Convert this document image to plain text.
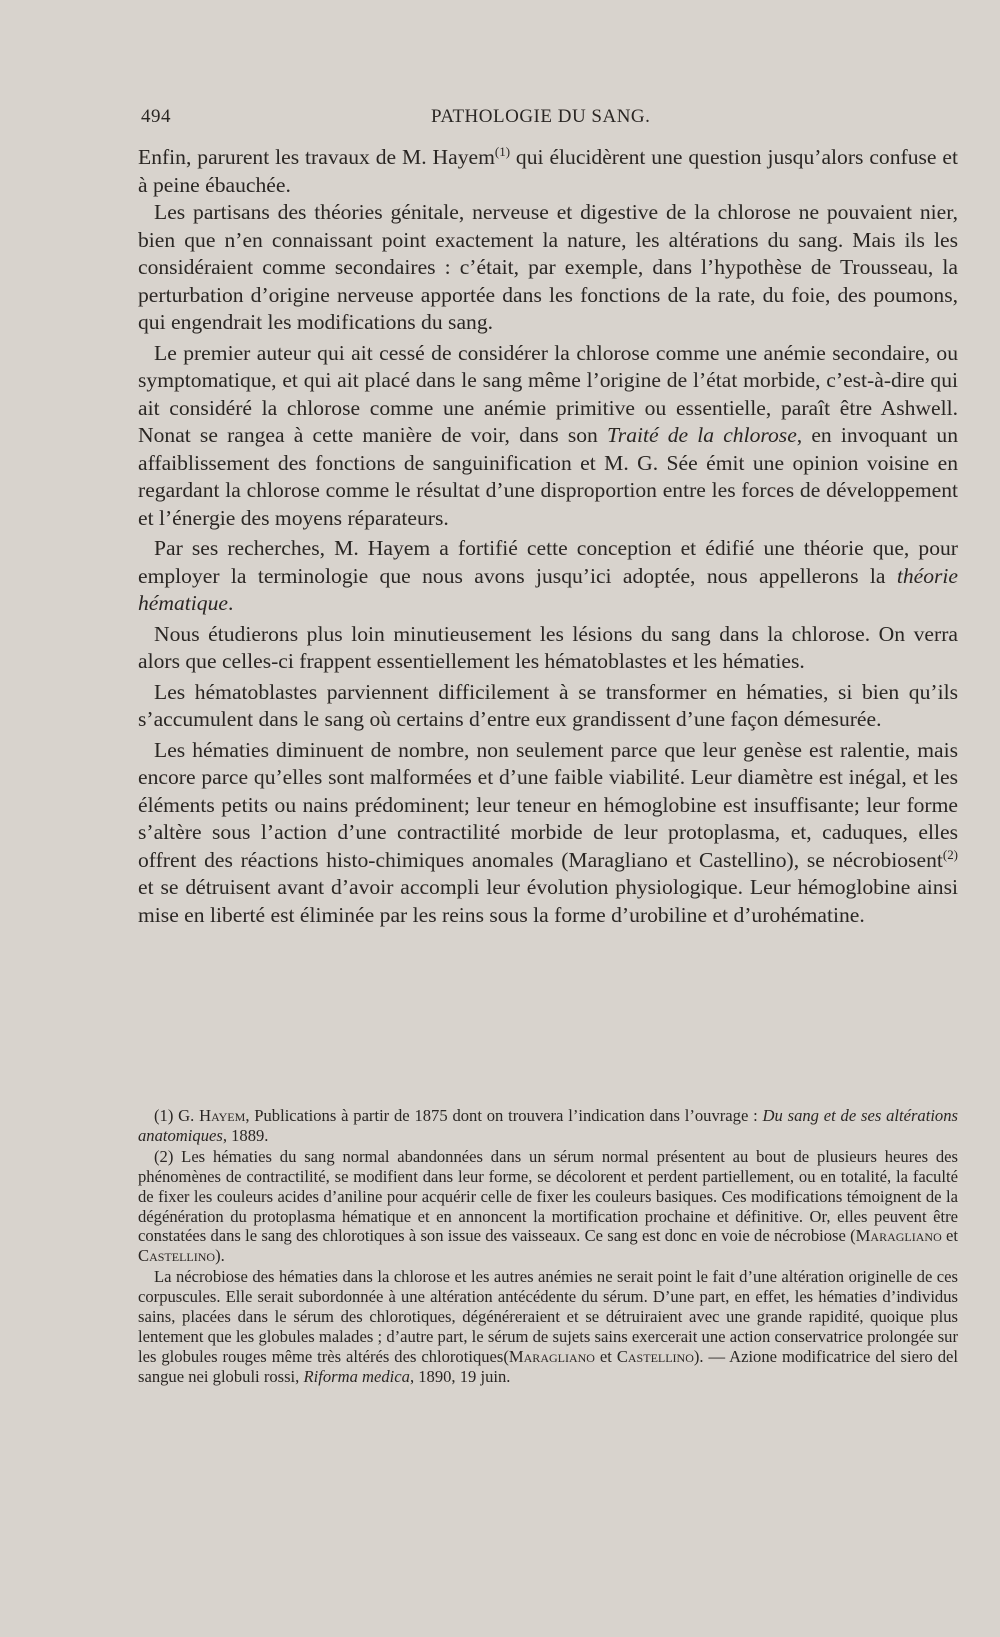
494	PATHOLOGIE DU SANG.

Enfin, parurent les travaux de M. Hayem$^{(1)}$ qui élucidèrent une question jusqu’alors confuse et à peine ébauchée.

Les partisans des théories génitale, nerveuse et digestive de la chlorose ne pouvaient nier, bien que n’en connaissant point exactement la nature, les altérations du sang. Mais ils les considéraient comme secondaires : c’était, par exemple, dans l’hypothèse de Trousseau, la perturbation d’origine nerveuse apportée dans les fonctions de la rate, du foie, des poumons, qui engendrait les modifications du sang.

Le premier auteur qui ait cessé de considérer la chlorose comme une anémie secondaire, ou symptomatique, et qui ait placé dans le sang même l’origine de l’état morbide, c’est-à-dire qui ait considéré la chlorose comme une anémie primitive ou essentielle, paraît être Ashwell. Nonat se rangea à cette manière de voir, dans son Traité de la chlorose, en invoquant un affaiblissement des fonctions de sanguinification et M. G. Sée émit une opinion voisine en regardant la chlorose comme le résultat d’une disproportion entre les forces de développement et l’énergie des moyens réparateurs.

Par ses recherches, M. Hayem a fortifié cette conception et édifié une théorie que, pour employer la terminologie que nous avons jusqu’ici adoptée, nous appellerons la théorie hématique.

Nous étudierons plus loin minutieusement les lésions du sang dans la chlorose. On verra alors que celles-ci frappent essentiellement les hématoblastes et les hématies.

Les hématoblastes parviennent difficilement à se transformer en hématies, si bien qu’ils s’accumulent dans le sang où certains d’entre eux grandissent d’une façon démesurée.

Les hématies diminuent de nombre, non seulement parce que leur genèse est ralentie, mais encore parce qu’elles sont malformées et d’une faible viabilité. Leur diamètre est inégal, et les éléments petits ou nains prédominent; leur teneur en hémoglobine est insuffisante; leur forme s’altère sous l’action d’une contractilité morbide de leur protoplasma, et, caduques, elles offrent des réactions histo-chimiques anomales (Maragliano et Castellino), se nécrobiosent$^{(2)}$ et se détruisent avant d’avoir accompli leur évolution physiologique. Leur hémoglobine ainsi mise en liberté est éliminée par les reins sous la forme d’urobiline et d’urohématine.

(1) G. Hayem, Publications à partir de 1875 dont on trouvera l’indication dans l’ouvrage : Du sang et de ses altérations anatomiques, 1889.

(2) Les hématies du sang normal abandonnées dans un sérum normal présentent au bout de plusieurs heures des phénomènes de contractilité, se modifient dans leur forme, se décolorent et perdent partiellement, ou en totalité, la faculté de fixer les couleurs acides d’aniline pour acquérir celle de fixer les couleurs basiques. Ces modifications témoignent de la dégénération du protoplasma hématique et en annoncent la mortification prochaine et définitive. Or, elles peuvent être constatées dans le sang des chlorotiques à son issue des vaisseaux. Ce sang est donc en voie de nécrobiose (Maragliano et Castellino).

La nécrobiose des hématies dans la chlorose et les autres anémies ne serait point le fait d’une altération originelle de ces corpuscules. Elle serait subordonnée à une altération antécédente du sérum. D’une part, en effet, les hématies d’individus sains, placées dans le sérum des chlorotiques, dégénéreraient et se détruiraient avec une grande rapidité, quoique plus lentement que les globules malades ; d’autre part, le sérum de sujets sains exercerait une action conservatrice prolongée sur les globules rouges même très altérés des chlorotiques(Maragliano et Castellino). — Azione modificatrice del siero del sangue nei globuli rossi, Riforma medica, 1890, 19 juin.
